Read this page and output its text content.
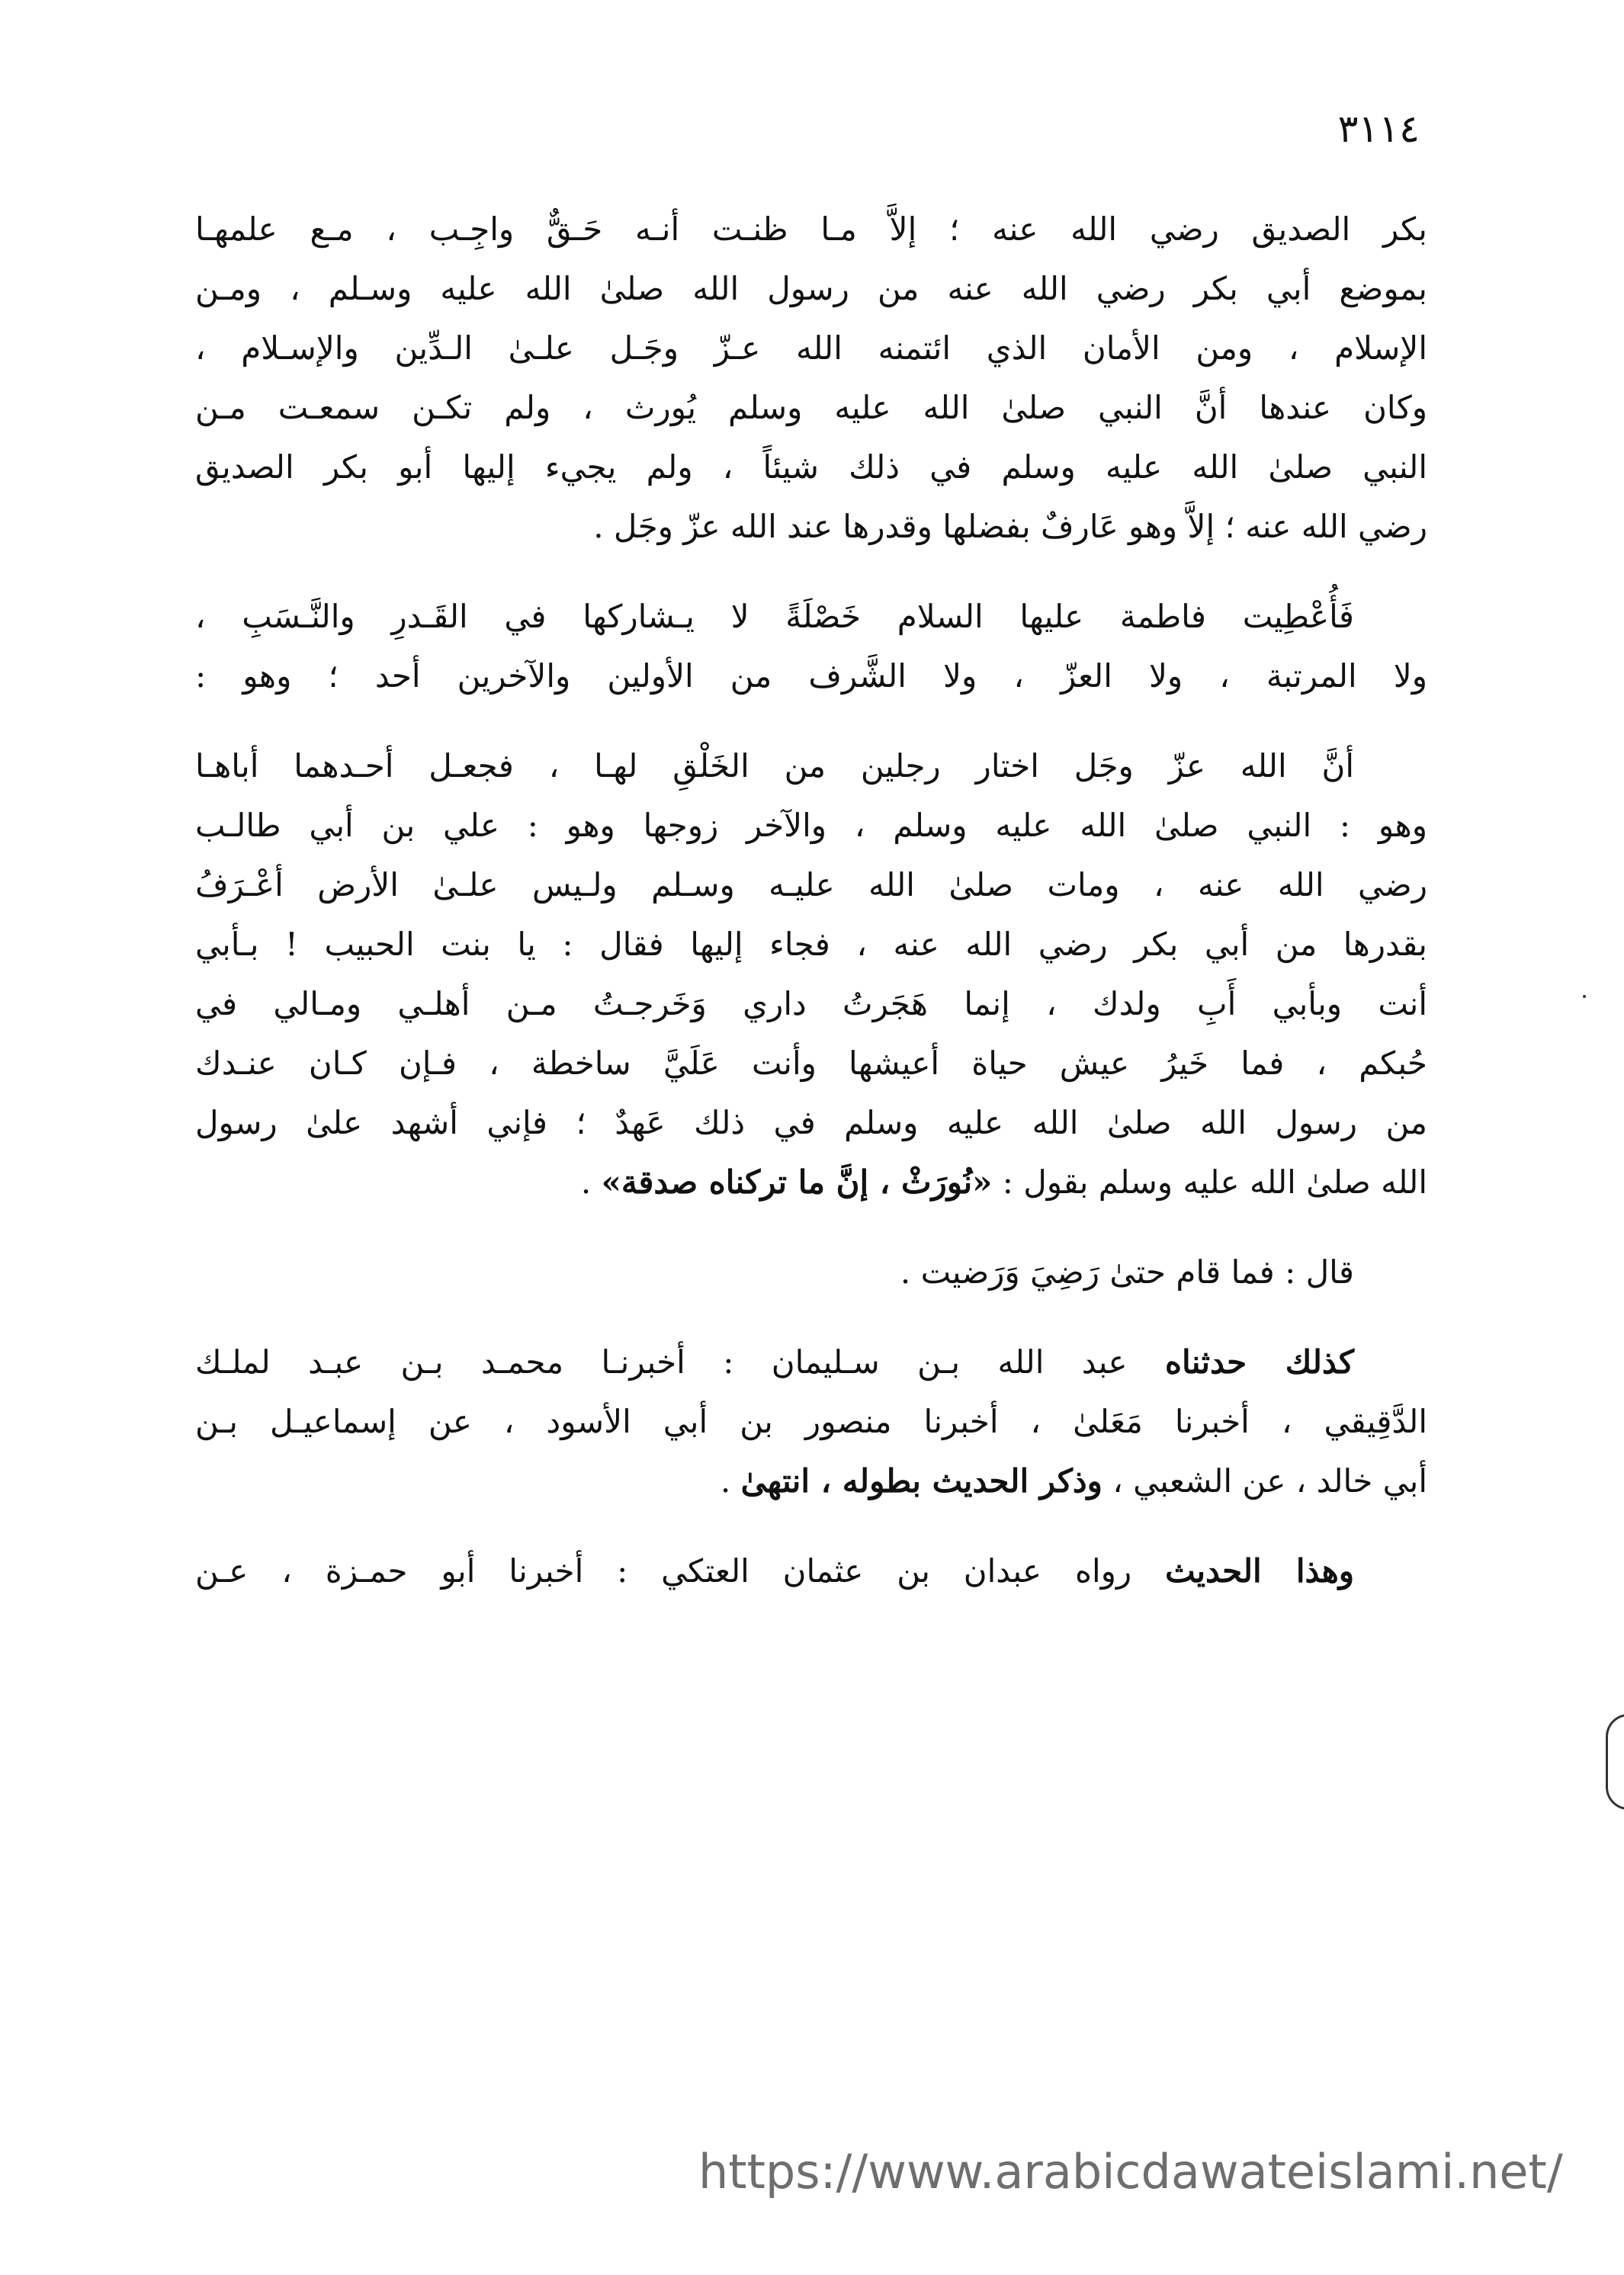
٣١١٤

بكر الصديق رضي الله عنه ؛ إلاَّ مـا ظنـت أنـه حَـقٌّ واجِـب ، مـع علمهـا
بموضع أبي بكر رضي الله عنه من رسول الله صلىٰ الله عليه وسـلم ، ومـن
الإسلام ، ومن الأمان الذي ائتمنه الله عـزّ وجَـل علـىٰ الـدِّين والإسـلام ،
وكان عندها أنَّ النبي صلىٰ الله عليه وسلم يُورث ، ولم تكـن سمعـت مـن
النبي صلىٰ الله عليه وسلم في ذلك شيئاً ، ولم يجيء إليها أبو بكر الصديق
رضي الله عنه ؛ إلاَّ وهو عَارفٌ بفضلها وقدرها عند الله عزّ وجَل .

فَأُعْطِيت فاطمة عليها السلام خَصْلَةً لا يـشاركها في القَـدرِ والنَّـسَبِ ،
ولا المرتبة ، ولا العزّ ، ولا الشَّرف من الأولين والآخرين أحد ؛ وهو :

أنَّ الله عزّ وجَل اختار رجلين من الخَلْقِ لهـا ، فجعـل أحـدهما أباهـا
وهو : النبي صلىٰ الله عليه وسلم ، والآخر زوجها وهو : علي بن أبي طالـب
رضي الله عنه ، ومات صلىٰ الله عليـه وسـلم ولـيس علـىٰ الأرض أعْـرَفُ
بقدرها من أبي بكر رضي الله عنه ، فجاء إليها فقال : يا بنت الحبيب ! بـأبي
أنت وبأبي أَبِ ولدك ، إنما هَجَرتُ داري وَخَرجـتُ مـن أهلـي ومـالي في
حُبكم ، فما خَيرُ عيش حياة أعيشها وأنت عَلَيَّ ساخطة ، فـإن كـان عنـدك
من رسول الله صلىٰ الله عليه وسلم في ذلك عَهدٌ ؛ فإني أشهد علىٰ رسول
الله صلىٰ الله عليه وسلم بقول : «نُورَثْ ، إنَّ ما تركناه صدقة» .

قال : فما قام حتىٰ رَضِيَ وَرَضيت .

كذلك حدثناه عبد الله بـن سـليمان : أخبرنـا محمـد بـن عبـد لملـك
الدَّقِيقي ، أخبرنا مَعَلىٰ ، أخبرنا منصور بن أبي الأسود ، عن إسماعيـل بـن
أبي خالد ، عن الشعبي ، وذكر الحديث بطوله ، انتهىٰ .

وهذا الحديث رواه عبدان بن عثمان العتكي : أخبرنا أبو حمـزة ، عـن

https://www.arabicdawateislami.net/
